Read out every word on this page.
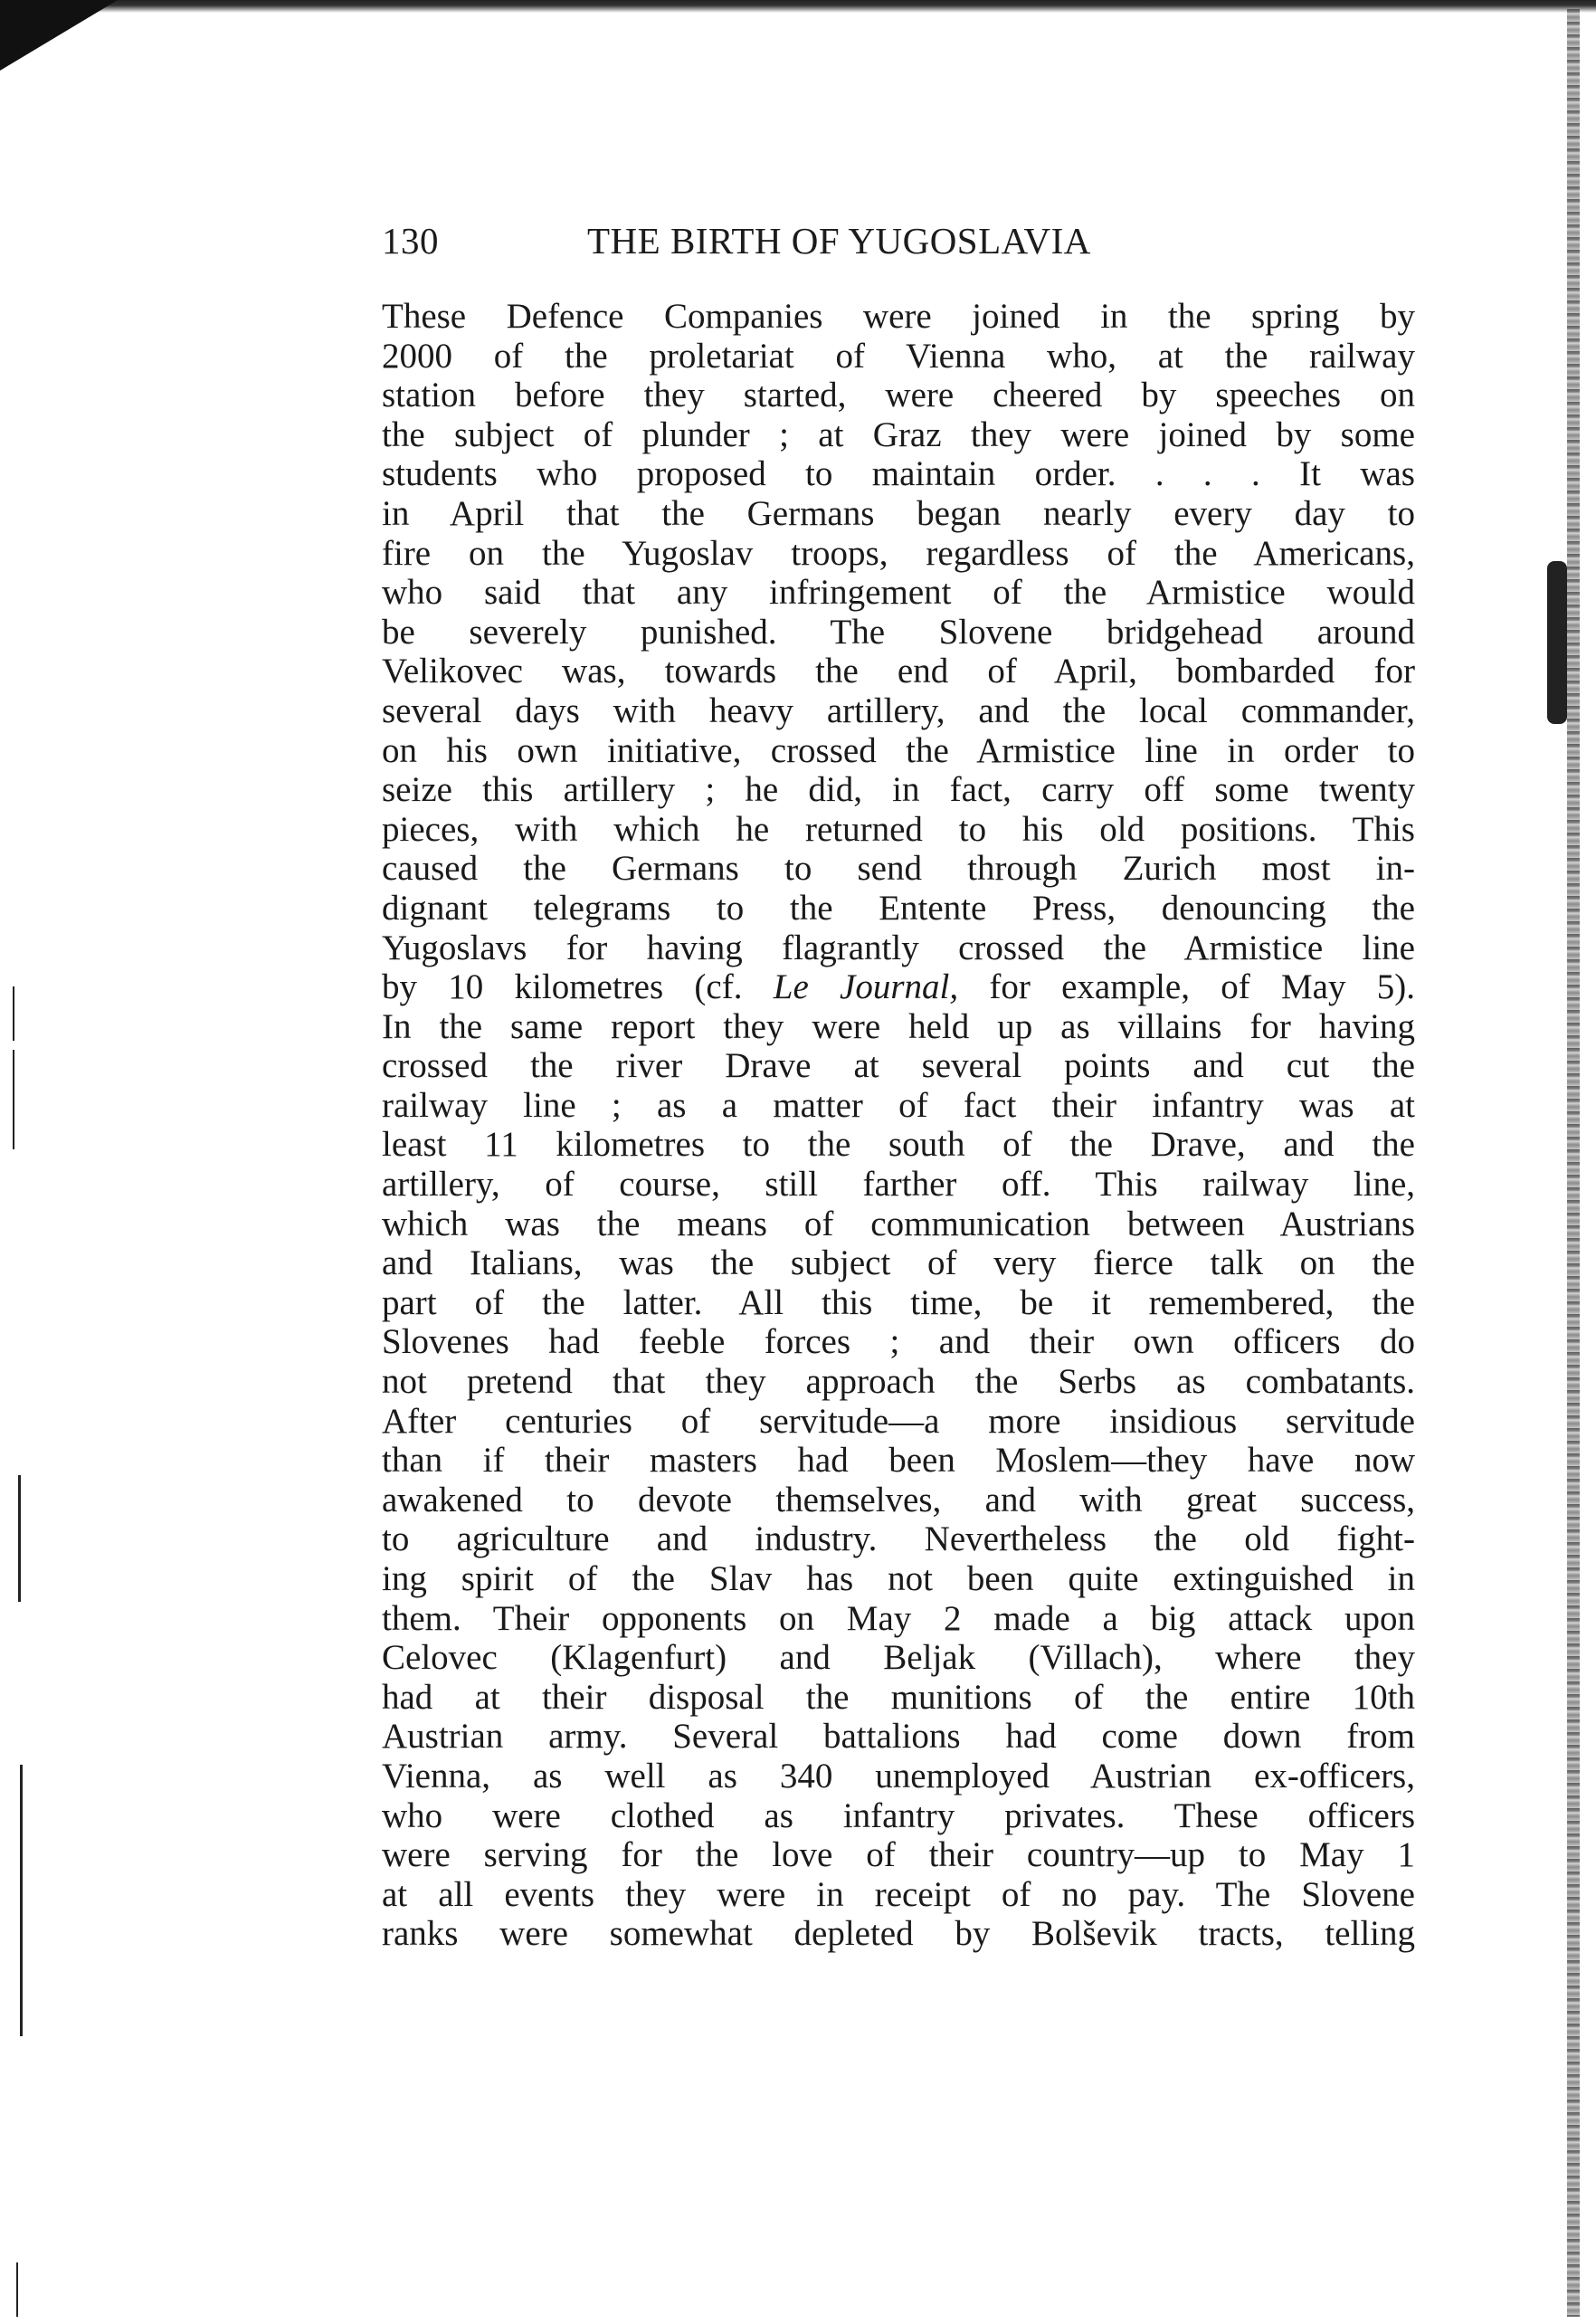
130	THE BIRTH OF YUGOSLAVIA
These Defence Companies were joined in the spring by
2000 of the proletariat of Vienna who, at the railway
station before they started, were cheered by speeches on
the subject of plunder ; at Graz they were joined by some
students who proposed to maintain order. . . . It was
in April that the Germans began nearly every day to
fire on the Yugoslav troops, regardless of the Americans,
who said that any infringement of the Armistice would
be severely punished. The Slovene bridgehead around
Velikovec was, towards the end of April, bombarded for
several days with heavy artillery, and the local commander,
on his own initiative, crossed the Armistice line in order to
seize this artillery ; he did, in fact, carry off some twenty
pieces, with which he returned to his old positions. This
caused the Germans to send through Zurich most in-
dignant telegrams to the Entente Press, denouncing the
Yugoslavs for having flagrantly crossed the Armistice line
by 10 kilometres (cf. Le Journal, for example, of May 5).
In the same report they were held up as villains for having
crossed the river Drave at several points and cut the
railway line ; as a matter of fact their infantry was at
least 11 kilometres to the south of the Drave, and the
artillery, of course, still farther off. This railway line,
which was the means of communication between Austrians
and Italians, was the subject of very fierce talk on the
part of the latter. All this time, be it remembered, the
Slovenes had feeble forces ; and their own officers do
not pretend that they approach the Serbs as combatants.
After centuries of servitude—a more insidious servitude
than if their masters had been Moslem—they have now
awakened to devote themselves, and with great success,
to agriculture and industry. Nevertheless the old fight-
ing spirit of the Slav has not been quite extinguished in
them. Their opponents on May 2 made a big attack upon
Celovec (Klagenfurt) and Beljak (Villach), where they
had at their disposal the munitions of the entire 10th
Austrian army. Several battalions had come down from
Vienna, as well as 340 unemployed Austrian ex-officers,
who were clothed as infantry privates. These officers
were serving for the love of their country—up to May 1
at all events they were in receipt of no pay. The Slovene
ranks were somewhat depleted by Bolševik tracts, telling
